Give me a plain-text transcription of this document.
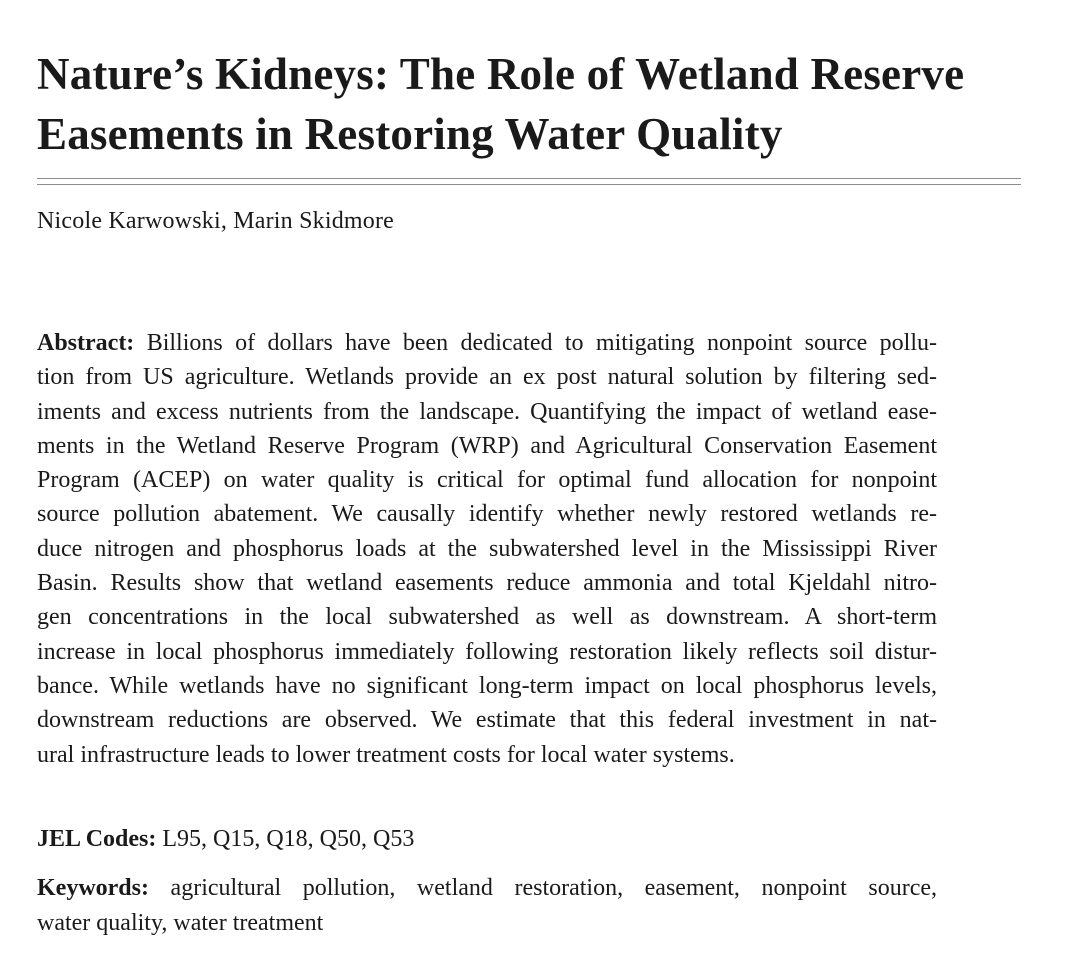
Nature’s Kidneys: The Role of Wetland Reserve Easements in Restoring Water Quality
Nicole Karwowski, Marin Skidmore
Abstract: Billions of dollars have been dedicated to mitigating nonpoint source pollu-
tion from US agriculture. Wetlands provide an ex post natural solution by filtering sed-
iments and excess nutrients from the landscape. Quantifying the impact of wetland ease-
ments in the Wetland Reserve Program (WRP) and Agricultural Conservation Easement
Program (ACEP) on water quality is critical for optimal fund allocation for nonpoint
source pollution abatement. We causally identify whether newly restored wetlands re-
duce nitrogen and phosphorus loads at the subwatershed level in the Mississippi River
Basin. Results show that wetland easements reduce ammonia and total Kjeldahl nitro-
gen concentrations in the local subwatershed as well as downstream. A short-term
increase in local phosphorus immediately following restoration likely reflects soil distur-
bance. While wetlands have no significant long-term impact on local phosphorus levels,
downstream reductions are observed. We estimate that this federal investment in nat-
ural infrastructure leads to lower treatment costs for local water systems.
JEL Codes: L95, Q15, Q18, Q50, Q53
Keywords: agricultural pollution, wetland restoration, easement, nonpoint source,
water quality, water treatment
